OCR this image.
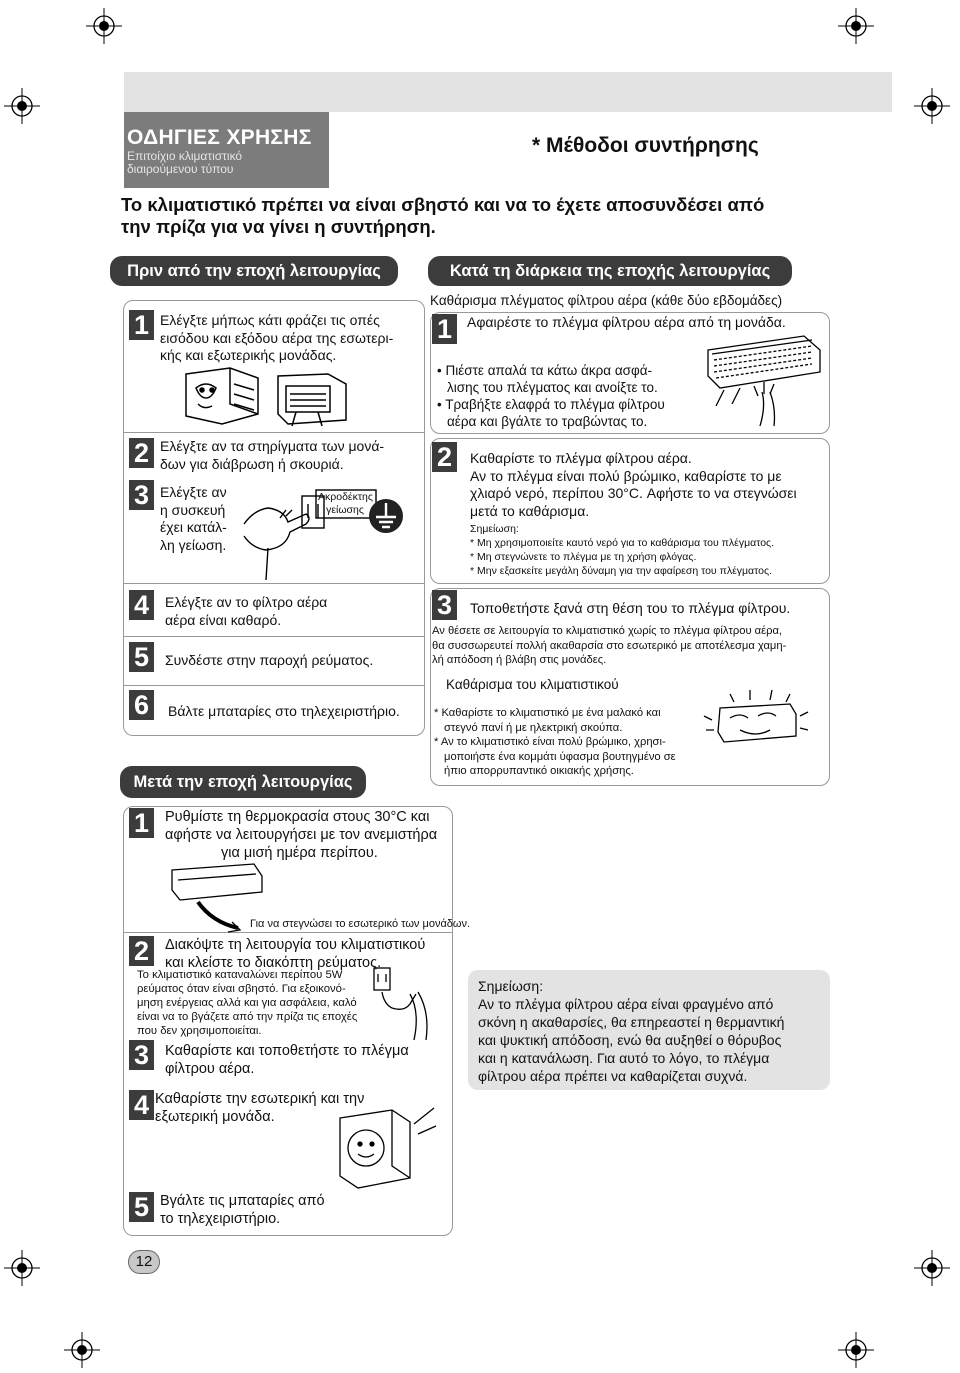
ΟΔΗΓΙΕΣ ΧΡΗΣΗΣ
Επιτοίχιο κλιματιστικό
διαιρούμενου τύπου
* Μέθοδοι συντήρησης
Το κλιματιστικό πρέπει να είναι σβηστό και να το έχετε αποσυνδέσει από
την πρίζα για να γίνει η συντήρηση.
Πριν από την εποχή λειτουργίας
1 Ελέγξτε μήπως κάτι φράζει τις οπές
εισόδου και εξόδου αέρα της εσωτερι-
κής και εξωτερικής μονάδας.
2 Ελέγξτε αν τα στηρίγματα των μονά-
δων για διάβρωση ή σκουριά.
3 Ελέγξτε αν
η συσκευή
έχει κατάλ-
λη γείωση.
Ακροδέκτης
γείωσης
4	Ελέγξτε αν το φίλτρο αέρα
αέρα είναι καθαρό.
5	Συνδέστε στην παροχή ρεύματος.
6	Βάλτε μπαταρίες στο τηλεχειριστήριο.
Κατά τη διάρκεια της εποχής λειτουργίας
Καθάρισμα πλέγματος φίλτρου αέρα (κάθε δύο εβδομάδες)
1	Αφαιρέστε το πλέγμα φίλτρου αέρα από τη μονάδα.
• Πιέστε απαλά τα κάτω άκρα ασφά-
λισης του πλέγματος και ανοίξτε το.
• Τραβήξτε ελαφρά το πλέγμα φίλτρου
αέρα και βγάλτε το τραβώντας το.
2	Καθαρίστε το πλέγμα φίλτρου αέρα.
Αν το πλέγμα είναι πολύ βρώμικο, καθαρίστε το με
χλιαρό νερό, περίπου 30°C. Αφήστε το να στεγνώσει
μετά το καθάρισμα.
Σημείωση:
* Μη χρησιμοποιείτε καυτό νερό για το καθάρισμα του πλέγματος.
* Μη στεγνώνετε το πλέγμα με τη χρήση φλόγας.
* Μην εξασκείτε μεγάλη δύναμη για την αφαίρεση του πλέγματος.
3	Τοποθετήστε ξανά στη θέση του το πλέγμα φίλτρου.
Αν θέσετε σε λειτουργία το κλιματιστικό χωρίς το πλέγμα φίλτρου αέρα,
θα συσσωρευτεί πολλή ακαθαρσία στο εσωτερικό με αποτέλεσμα χαμη-
λή απόδοση ή βλάβη στις μονάδες.
Καθάρισμα του κλιματιστικού
* Καθαρίστε το κλιματιστικό με ένα μαλακό και
στεγνό πανί ή με ηλεκτρική σκούπα.
* Αν το κλιματιστικό είναι πολύ βρώμικο, χρησι-
μοποιήστε ένα κομμάτι ύφασμα βουτηγμένο σε
ήπιο απορρυπαντικό οικιακής χρήσης.
Μετά την εποχή λειτουργίας
1	Ρυθμίστε τη θερμοκρασία στους 30°C και
αφήστε να λειτουργήσει με τον ανεμιστήρα
για μισή ημέρα περίπου.
Για να στεγνώσει το εσωτερικό των μονάδων.
2	Διακόψτε τη λειτουργία του κλιματιστικού
και κλείστε το διακόπτη ρεύματος.
Το κλιματιστικό καταναλώνει περίπου 5W
ρεύματος όταν είναι σβηστό. Για εξοικονό-
μηση ενέργειας αλλά και για ασφάλεια, καλό
είναι να το βγάζετε από την πρίζα τις εποχές
που δεν χρησιμοποιείται.
3	Καθαρίστε και τοποθετήστε το πλέγμα
φίλτρου αέρα.
4 Καθαρίστε την εσωτερική και την
εξωτερική μονάδα.
5 Βγάλτε τις μπαταρίες από
το τηλεχειριστήριο.
Σημείωση:
Αν το πλέγμα φίλτρου αέρα είναι φραγμένο από
σκόνη η ακαθαρσίες, θα επηρεαστεί η θερμαντική
και ψυκτική απόδοση, ενώ θα αυξηθεί ο θόρυβος
και η κατανάλωση. Για αυτό το λόγο, το πλέγμα
φίλτρου αέρα πρέπει να καθαρίζεται συχνά.
12
